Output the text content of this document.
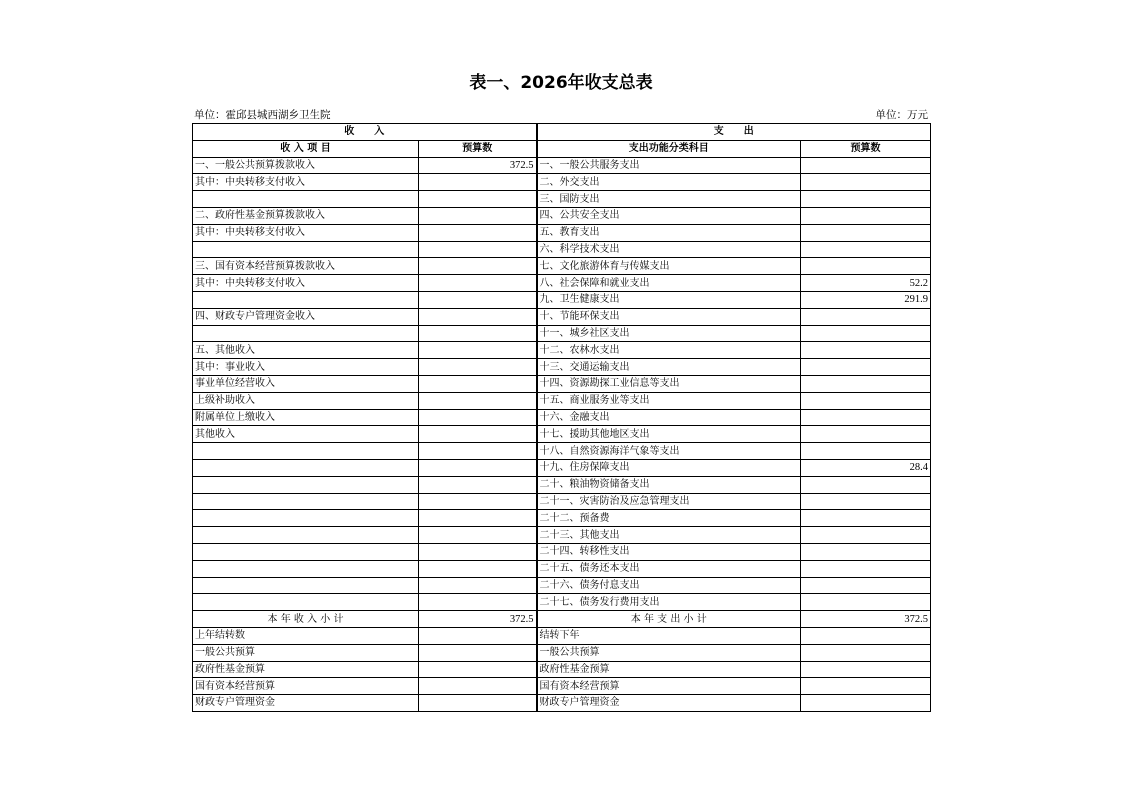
表一、2026年收支总表
单位：霍邱县城西湖乡卫生院	单位：万元
收　　入		支　　出	
收 入 项 目	预算数	支出功能分类科目	预算数
一、一般公共预算拨款收入	372.5	一、一般公共服务支出	
其中：中央转移支付收入		二、外交支出	
		三、国防支出	
二、政府性基金预算拨款收入		四、公共安全支出	
其中：中央转移支付收入		五、教育支出	
		六、科学技术支出	
三、国有资本经营预算拨款收入		七、文化旅游体育与传媒支出	
其中：中央转移支付收入		八、社会保障和就业支出	52.2
		九、卫生健康支出	291.9
四、财政专户管理资金收入		十、节能环保支出	
		十一、城乡社区支出	
五、其他收入		十二、农林水支出	
其中：事业收入		十三、交通运输支出	
事业单位经营收入		十四、资源勘探工业信息等支出	
上级补助收入		十五、商业服务业等支出	
附属单位上缴收入		十六、金融支出	
其他收入		十七、援助其他地区支出	
		十八、自然资源海洋气象等支出	
		十九、住房保障支出	28.4
		二十、粮油物资储备支出	
		二十一、灾害防治及应急管理支出	
		二十二、预备费	
		二十三、其他支出	
		二十四、转移性支出	
		二十五、债务还本支出	
		二十六、债务付息支出	
		二十七、债务发行费用支出	
本 年 收 入 小 计	372.5	本 年 支 出 小 计	372.5
上年结转数		结转下年	
一般公共预算		一般公共预算	
政府性基金预算		政府性基金预算	
国有资本经营预算		国有资本经营预算	
财政专户管理资金		财政专户管理资金	
